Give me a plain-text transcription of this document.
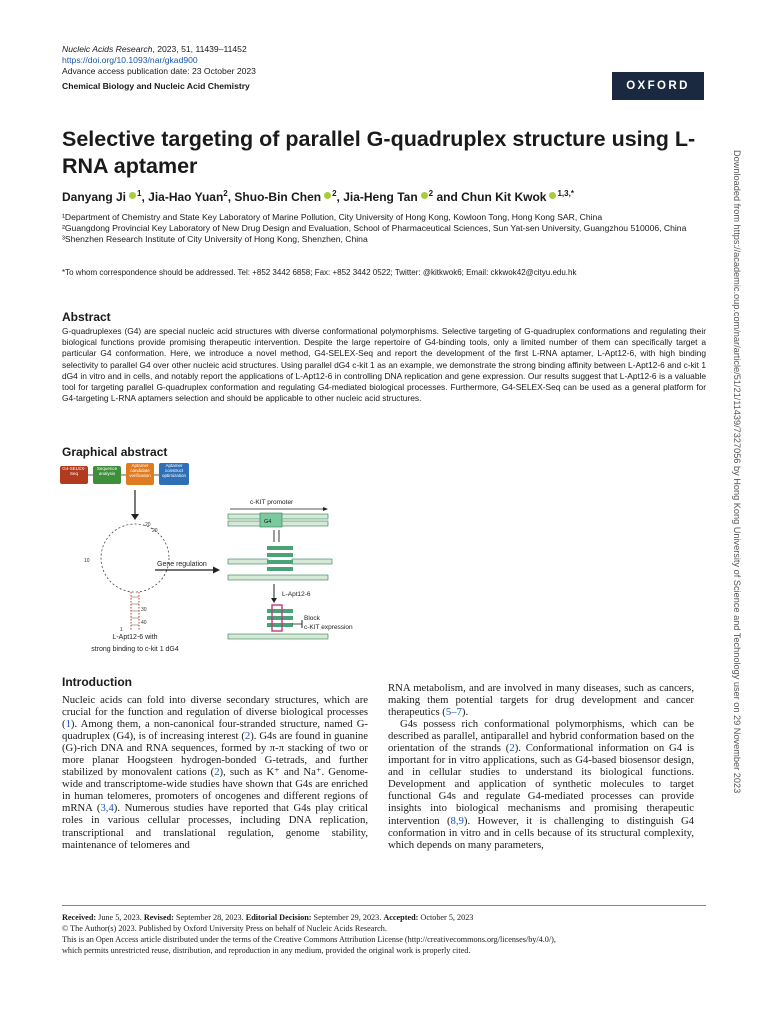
Nucleic Acids Research, 2023, 51, 11439–11452
https://doi.org/10.1093/nar/gkad900
Advance access publication date: 23 October 2023
Chemical Biology and Nucleic Acid Chemistry	OXFORD
Selective targeting of parallel G-quadruplex structure using L-RNA aptamer
Danyang Ji $^1$, Jia-Hao Yuan$^2$, Shuo-Bin Chen $^2$, Jia-Heng Tan $^2$ and Chun Kit Kwok $^{1,3,*}$
¹Department of Chemistry and State Key Laboratory of Marine Pollution, City University of Hong Kong, Kowloon Tong, Hong Kong SAR, China
²Guangdong Provincial Key Laboratory of New Drug Design and Evaluation, School of Pharmaceutical Sciences, Sun Yat-sen University, Guangzhou 510006, China
³Shenzhen Research Institute of City University of Hong Kong, Shenzhen, China
*To whom correspondence should be addressed. Tel: +852 3442 6858; Fax: +852 3442 0522; Twitter: @kitkwok6; Email: ckkwok42@cityu.edu.hk
Abstract
G-quadruplexes (G4) are special nucleic acid structures with diverse conformational polymorphisms. Selective targeting of G-quadruplex conformations and regulating their biological functions provide promising therapeutic intervention. Despite the large repertoire of G4-binding tools, only a limited number of them can specifically target a particular G4 conformation. Here, we introduce a novel method, G4-SELEX-Seq and report the development of the first L-RNA aptamer, L-Apt12-6, with high binding selectivity to parallel G4 over other nucleic acid structures. Using parallel dG4 c-kit 1 as an example, we demonstrate the strong binding affinity between L-Apt12-6 and c-kit 1 dG4 in vitro and in cells, and notably report the applications of L-Apt12-6 in controlling DNA replication and gene expression. Our results suggest that L-Apt12-6 is a valuable tool for targeting parallel G-quadruplex conformation and regulating G4-mediated biological processes. Furthermore, G4-SELEX-Seq can be used as a general platform for G4-targeting L-RNA aptamers selection and should be applicable to other nucleic acid structures.
Graphical abstract
G4-SELEX-Seq
Sequence analysis
Aptamer candidate verification
Aptamer construct optimization
20
20
10
30
40
1
L-Apt12-6 with
strong binding to c-kit 1 dG4
Gene regulation
c-KIT promoter
G4
L-Apt12-6
Block
c-KIT expression
Introduction
Nucleic acids can fold into diverse secondary structures, which are crucial for the function and regulation of diverse biological processes (1). Among them, a non-canonical four-stranded structure, named G-quadruplex (G4), is of increasing interest (2). G4s are found in guanine (G)-rich DNA and RNA sequences, formed by π-π stacking of two or more planar Hoogsteen hydrogen-bonded G-tetrads, and further stabilized by monovalent cations (2), such as K⁺ and Na⁺. Genome-wide and transcriptome-wide studies have shown that G4s are enriched in human telomeres, promoters of oncogenes and different regions of mRNA (3,4). Numerous studies have reported that G4s play critical roles in various cellular processes, including DNA replication, transcriptional and translational regulation, genome stability, maintenance of telomeres and
RNA metabolism, and are involved in many diseases, such as cancers, making them potential targets for drug development and cancer therapeutics (5–7).
G4s possess rich conformational polymorphisms, which can be described as parallel, antiparallel and hybrid conformation based on the orientation of the strands (2). Conformational information on G4 is important for in vitro applications, such as G4-based biosensor design, and in cellular studies to understand its biological functions. Development and application of synthetic molecules to target functional G4s and regulate G4-mediated processes can provide insights into biological mechanisms and promising therapeutic intervention (8,9). However, it is challenging to distinguish G4 conformation in vitro and in cells because of its structural complexity, which depends on many parameters,
Received: June 5, 2023. Revised: September 28, 2023. Editorial Decision: September 29, 2023. Accepted: October 5, 2023
© The Author(s) 2023. Published by Oxford University Press on behalf of Nucleic Acids Research.
This is an Open Access article distributed under the terms of the Creative Commons Attribution License (http://creativecommons.org/licenses/by/4.0/),
which permits unrestricted reuse, distribution, and reproduction in any medium, provided the original work is properly cited.
Downloaded from https://academic.oup.com/nar/article/51/21/11439/7327056 by Hong Kong University of Science and Technology user on 29 November 2023
